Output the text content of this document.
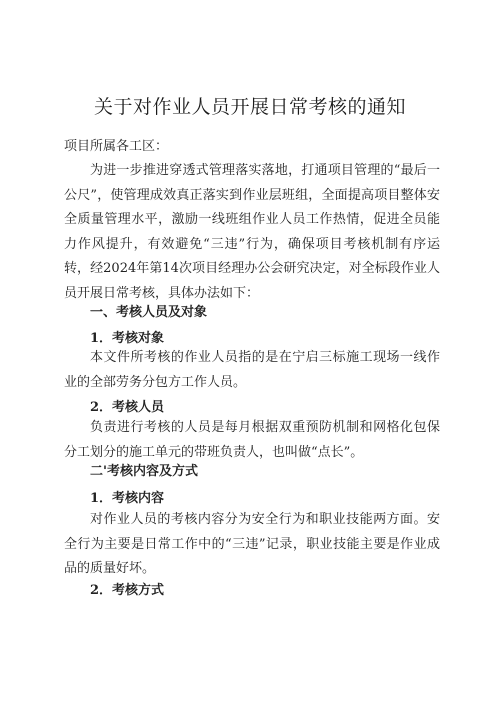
关于对作业人员开展日常考核的通知
项目所属各工区：
为进一步推进穿透式管理落实落地，打通项目管理的“最后一公尺”，使管理成效真正落实到作业层班组，全面提高项目整体安全质量管理水平，激励一线班组作业人员工作热情，促进全员能力作风提升，有效避免“三违”行为，确保项目考核机制有序运转，经2024年第14次项目经理办公会研究决定，对全标段作业人员开展日常考核，具体办法如下：
一、考核人员及对象
1．考核对象
本文件所考核的作业人员指的是在宁启三标施工现场一线作业的全部劳务分包方工作人员。
2．考核人员
负责进行考核的人员是每月根据双重预防机制和网格化包保分工划分的施工单元的带班负责人，也叫做“点长”。
二'考核内容及方式
1．考核内容
对作业人员的考核内容分为安全行为和职业技能两方面。安全行为主要是日常工作中的“三违”记录，职业技能主要是作业成品的质量好坏。
2．考核方式
